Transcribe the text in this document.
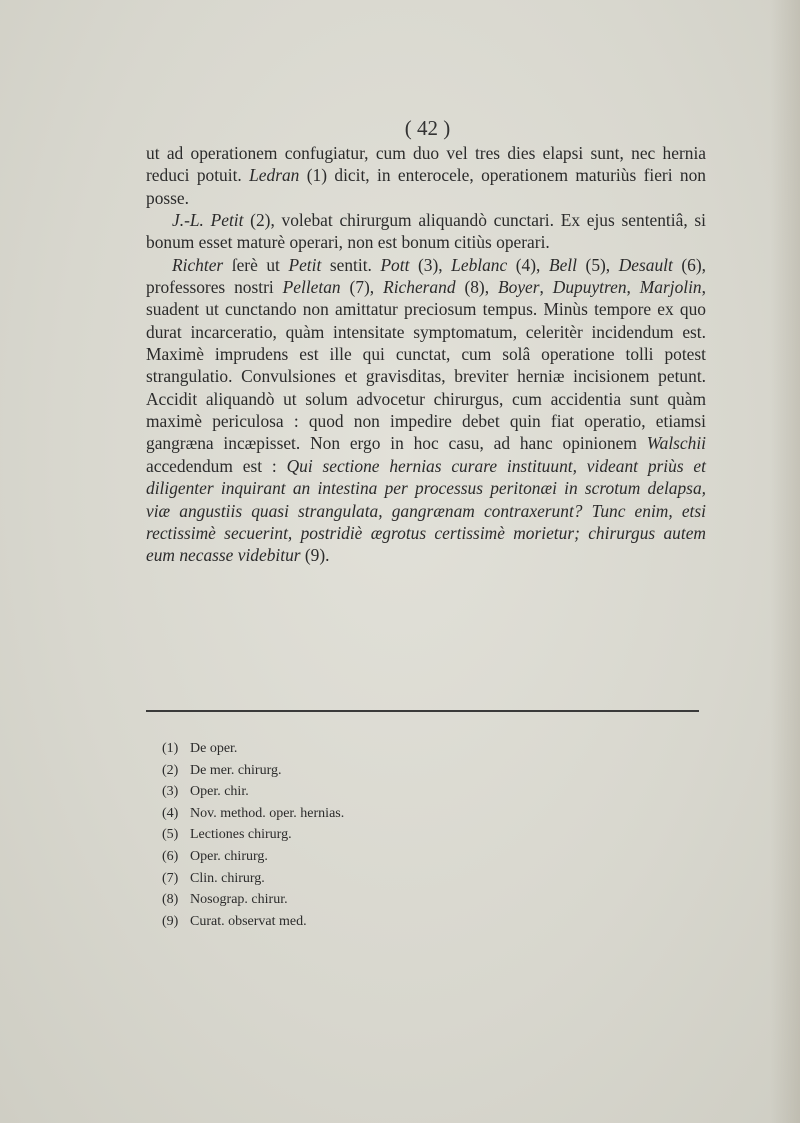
( 42 )

ut ad operationem confugiatur, cum duo vel tres dies elapsi sunt, nec hernia reduci potuit. Ledran (1) dicit, in enterocele, operationem maturiùs fieri non posse.

J.-L. Petit (2), volebat chirurgum aliquandò cunctari. Ex ejus sententiâ, si bonum esset maturè operari, non est bonum citiùs operari.

Richter ſerè ut Petit sentit. Pott (3), Leblanc (4), Bell (5), Desault (6), professores nostri Pelletan (7), Richerand (8), Boyer, Dupuytren, Marjolin, suadent ut cunctando non amittatur preciosum tempus. Minùs tempore ex quo durat incarceratio, quàm intensitate symptomatum, celeritèr incidendum est. Maximè imprudens est ille qui cunctat, cum solâ operatione tolli potest strangulatio. Convulsiones et gravisditas, breviter herniæ incisionem petunt. Accidit aliquandò ut solum advocetur chirurgus, cum accidentia sunt quàm maximè periculosa : quod non impedire debet quin fiat operatio, etiamsi gangræna incæpisset. Non ergo in hoc casu, ad hanc opinionem Walschii accedendum est : Qui sectione hernias curare instituunt, videant priùs et diligenter inquirant an intestina per processus peritonæi in scrotum delapsa, viæ angustiis quasi strangulata, gangrænam contraxerunt? Tunc enim, etsi rectissimè secuerint, postridiè ægrotus certissimè morietur; chirurgus autem eum necasse videbitur (9).

(1) De oper.
(2) De mer. chirurg.
(3) Oper. chir.
(4) Nov. method. oper. hernias.
(5) Lectiones chirurg.
(6) Oper. chirurg.
(7) Clin. chirurg.
(8) Nosograp. chirur.
(9) Curat. observat med.
